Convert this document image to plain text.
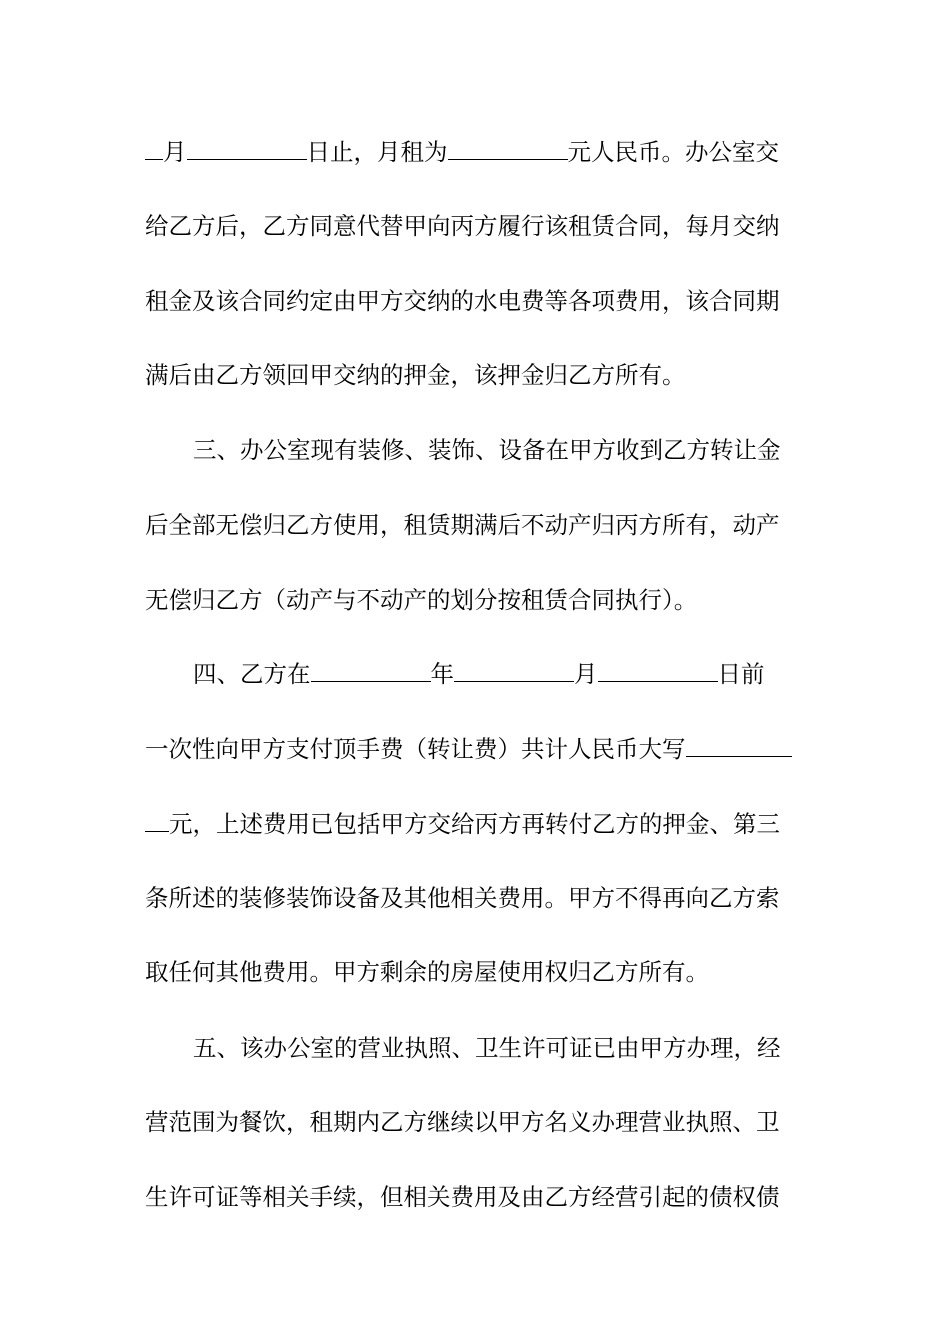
月	日止，月租为	元人民币。办公室交
给乙方后，乙方同意代替甲向丙方履行该租赁合同，每月交纳
租金及该合同约定由甲方交纳的水电费等各项费用，该合同期
满后由乙方领回甲交纳的押金，该押金归乙方所有。
三、办公室现有装修、装饰、设备在甲方收到乙方转让金
后全部无偿归乙方使用，租赁期满后不动产归丙方所有，动产
无偿归乙方（动产与不动产的划分按租赁合同执行）。
四、乙方在	年	月	日前
一次性向甲方支付顶手费（转让费）共计人民币大写
元，上述费用已包括甲方交给丙方再转付乙方的押金、第三
条所述的装修装饰设备及其他相关费用。甲方不得再向乙方索
取任何其他费用。甲方剩余的房屋使用权归乙方所有。
五、该办公室的营业执照、卫生许可证已由甲方办理，经
营范围为餐饮，租期内乙方继续以甲方名义办理营业执照、卫
生许可证等相关手续，但相关费用及由乙方经营引起的债权债
